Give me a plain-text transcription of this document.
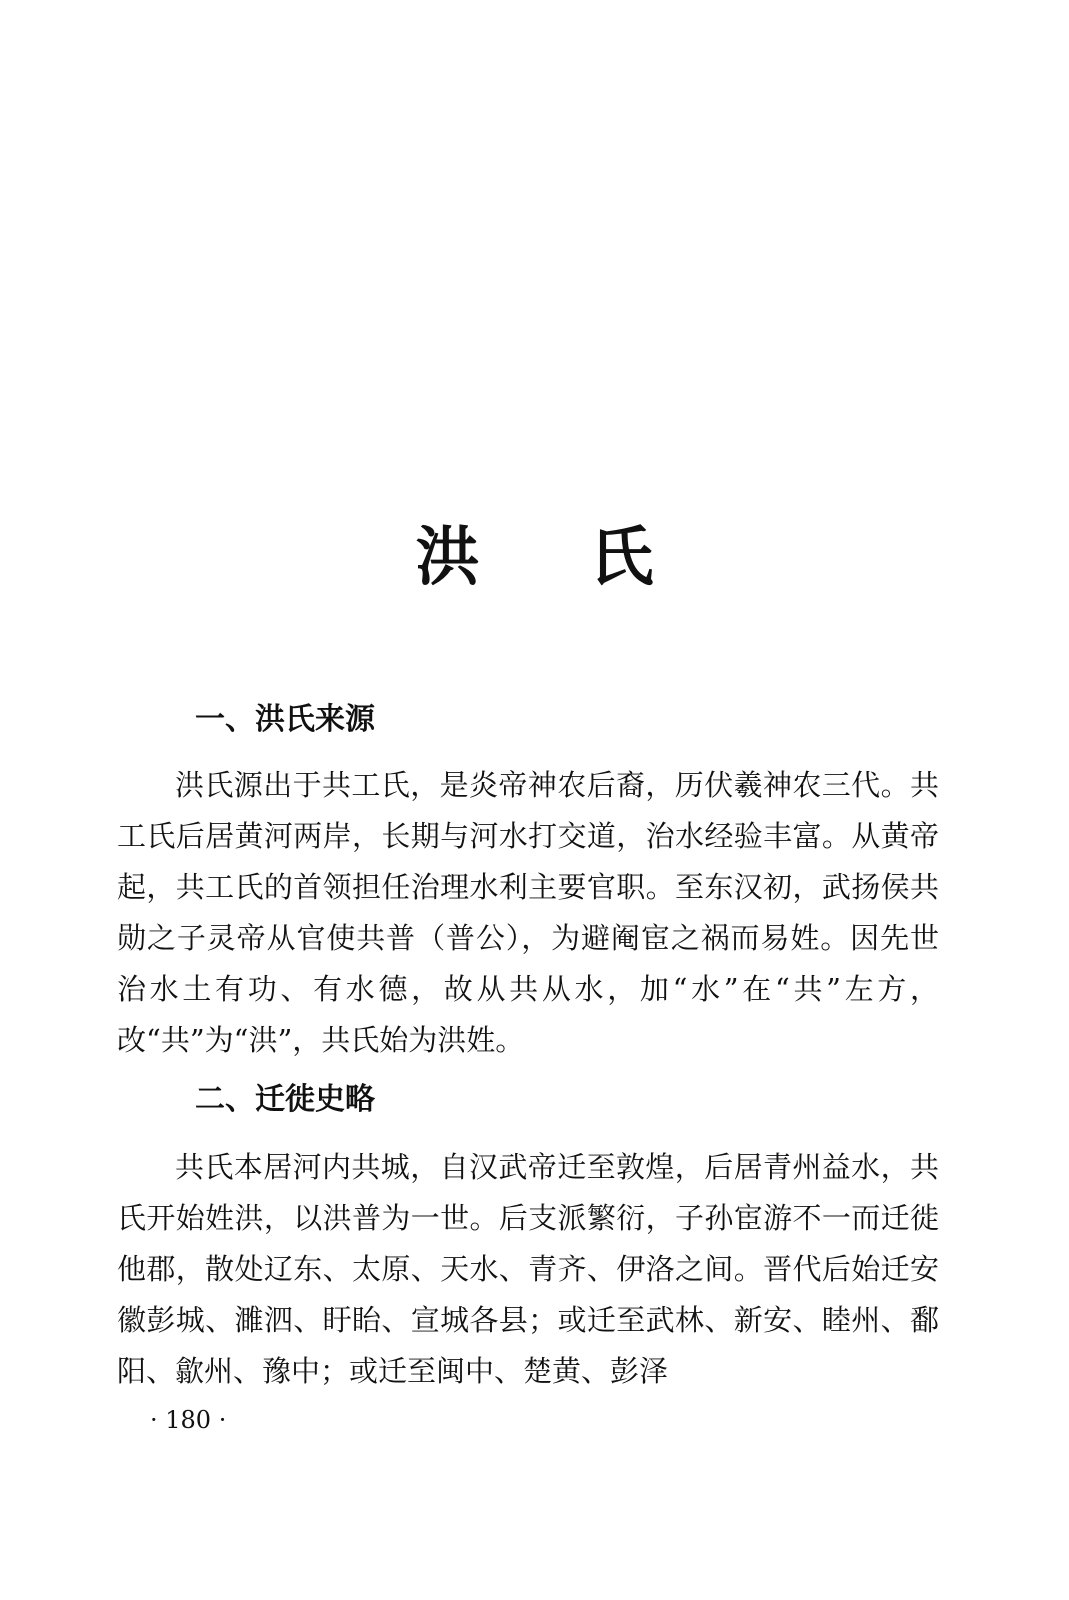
洪氏
一、洪氏来源

洪氏源出于共工氏，是炎帝神农后裔，历伏羲神农三代。共工氏后居黄河两岸，长期与河水打交道，治水经验丰富。从黄帝起，共工氏的首领担任治理水利主要官职。至东汉初，武扬侯共勋之子灵帝从官使共普（普公），为避阉宦之祸而易姓。因先世治水土有功、有水德，故从共从水，加“水”在“共”左方，改“共”为“洪”，共氏始为洪姓。

二、迁徙史略

共氏本居河内共城，自汉武帝迁至敦煌，后居青州益水，共氏开始姓洪，以洪普为一世。后支派繁衍，子孙宦游不一而迁徙他郡，散处辽东、太原、天水、青齐、伊洛之间。晋代后始迁安徽彭城、濉泗、盱眙、宣城各县；或迁至武林、新安、睦州、鄱阳、歙州、豫中；或迁至闽中、楚黄、彭泽

· 180 ·
